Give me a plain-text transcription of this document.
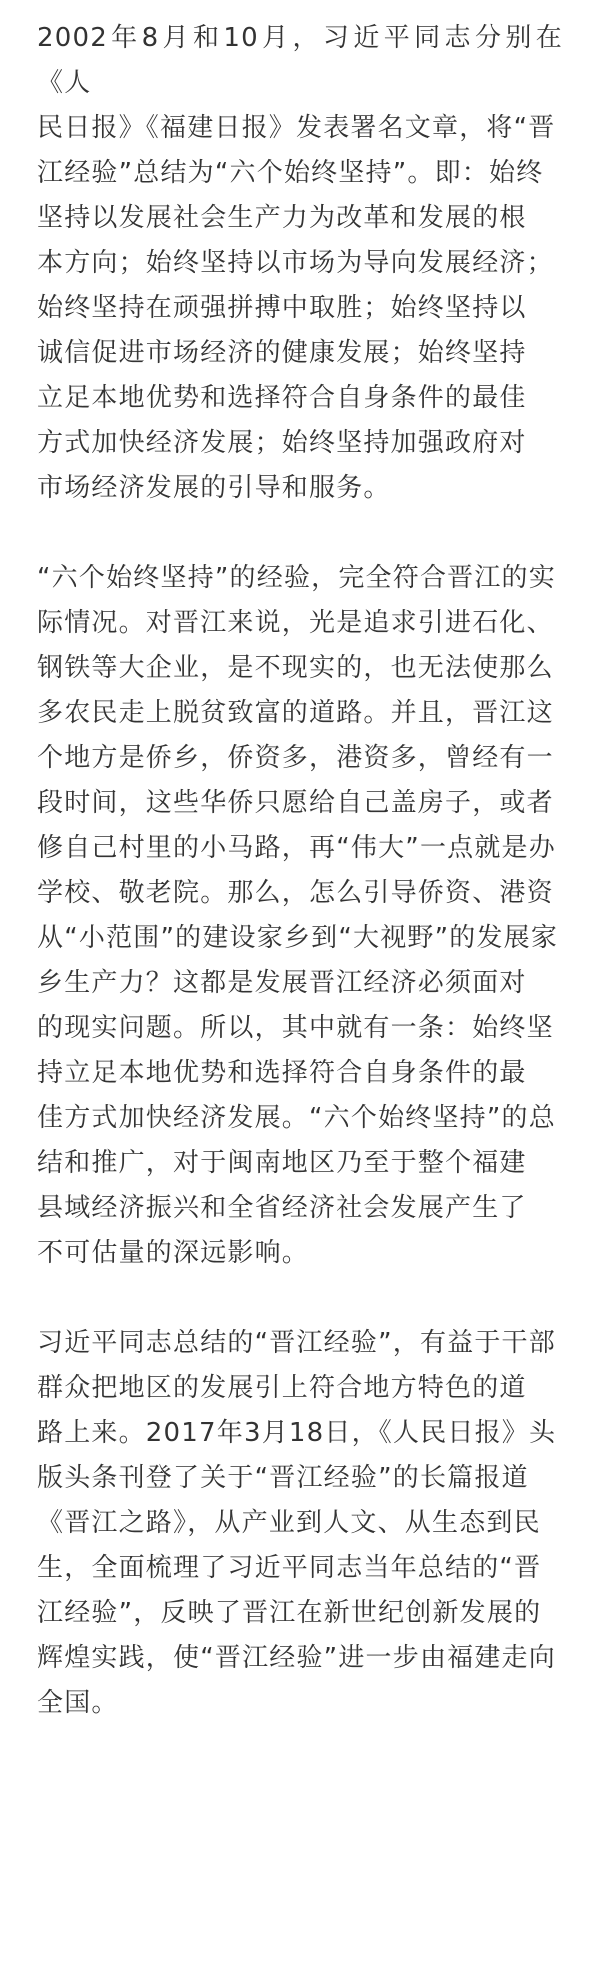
2002年8月和10月，习近平同志分别在《人
民日报》《福建日报》发表署名文章，将“晋
江经验”总结为“六个始终坚持”。即：始终
坚持以发展社会生产力为改革和发展的根
本方向；始终坚持以市场为导向发展经济；
始终坚持在顽强拼搏中取胜；始终坚持以
诚信促进市场经济的健康发展；始终坚持
立足本地优势和选择符合自身条件的最佳
方式加快经济发展；始终坚持加强政府对
市场经济发展的引导和服务。

“六个始终坚持”的经验，完全符合晋江的实
际情况。对晋江来说，光是追求引进石化、
钢铁等大企业，是不现实的，也无法使那么
多农民走上脱贫致富的道路。并且，晋江这
个地方是侨乡，侨资多，港资多，曾经有一
段时间，这些华侨只愿给自己盖房子，或者
修自己村里的小马路，再“伟大”一点就是办
学校、敬老院。那么，怎么引导侨资、港资
从“小范围”的建设家乡到“大视野”的发展家
乡生产力？这都是发展晋江经济必须面对
的现实问题。所以，其中就有一条：始终坚
持立足本地优势和选择符合自身条件的最
佳方式加快经济发展。“六个始终坚持”的总
结和推广，对于闽南地区乃至于整个福建
县域经济振兴和全省经济社会发展产生了
不可估量的深远影响。

习近平同志总结的“晋江经验”，有益于干部
群众把地区的发展引上符合地方特色的道
路上来。2017年3月18日，《人民日报》头
版头条刊登了关于“晋江经验”的长篇报道
《晋江之路》，从产业到人文、从生态到民
生，全面梳理了习近平同志当年总结的“晋
江经验”，反映了晋江在新世纪创新发展的
辉煌实践，使“晋江经验”进一步由福建走向
全国。
